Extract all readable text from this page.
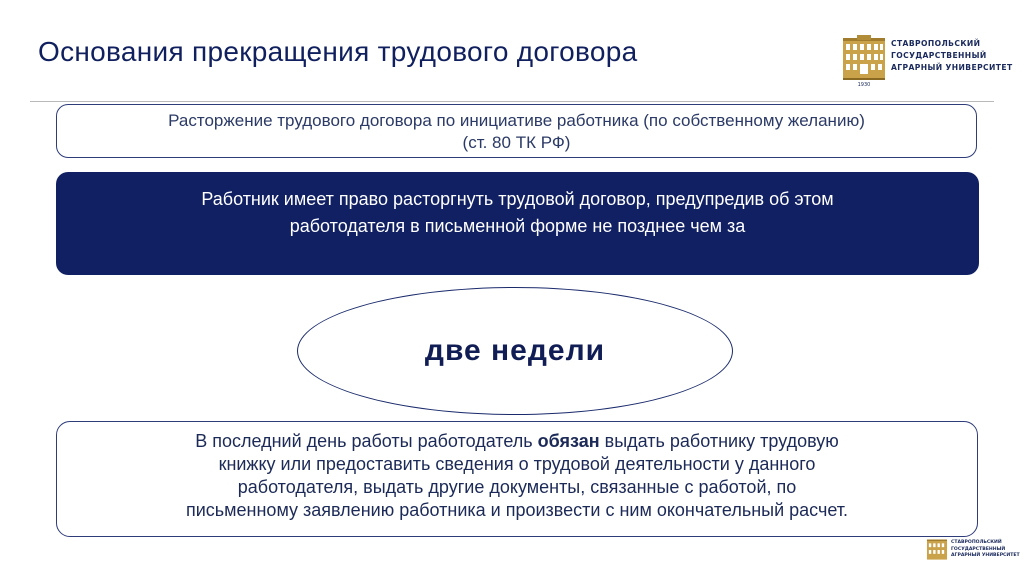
Основания прекращения трудового договора
1930
СТАВРОПОЛЬСКИЙ
ГОСУДАРСТВЕННЫЙ
АГРАРНЫЙ УНИВЕРСИТЕТ
Расторжение трудового договора по инициативе работника (по собственному желанию)
(ст. 80 ТК РФ)
Работник имеет право расторгнуть трудовой договор, предупредив об этом
работодателя в письменной форме не позднее чем за
две недели
В последний день работы работодатель обязан выдать работнику трудовую
книжку или предоставить сведения о трудовой деятельности у данного
работодателя, выдать другие документы, связанные с работой, по
письменному заявлению работника и произвести с ним окончательный расчет.
СТАВРОПОЛЬСКИЙ
ГОСУДАРСТВЕННЫЙ
АГРАРНЫЙ УНИВЕРСИТЕТ
